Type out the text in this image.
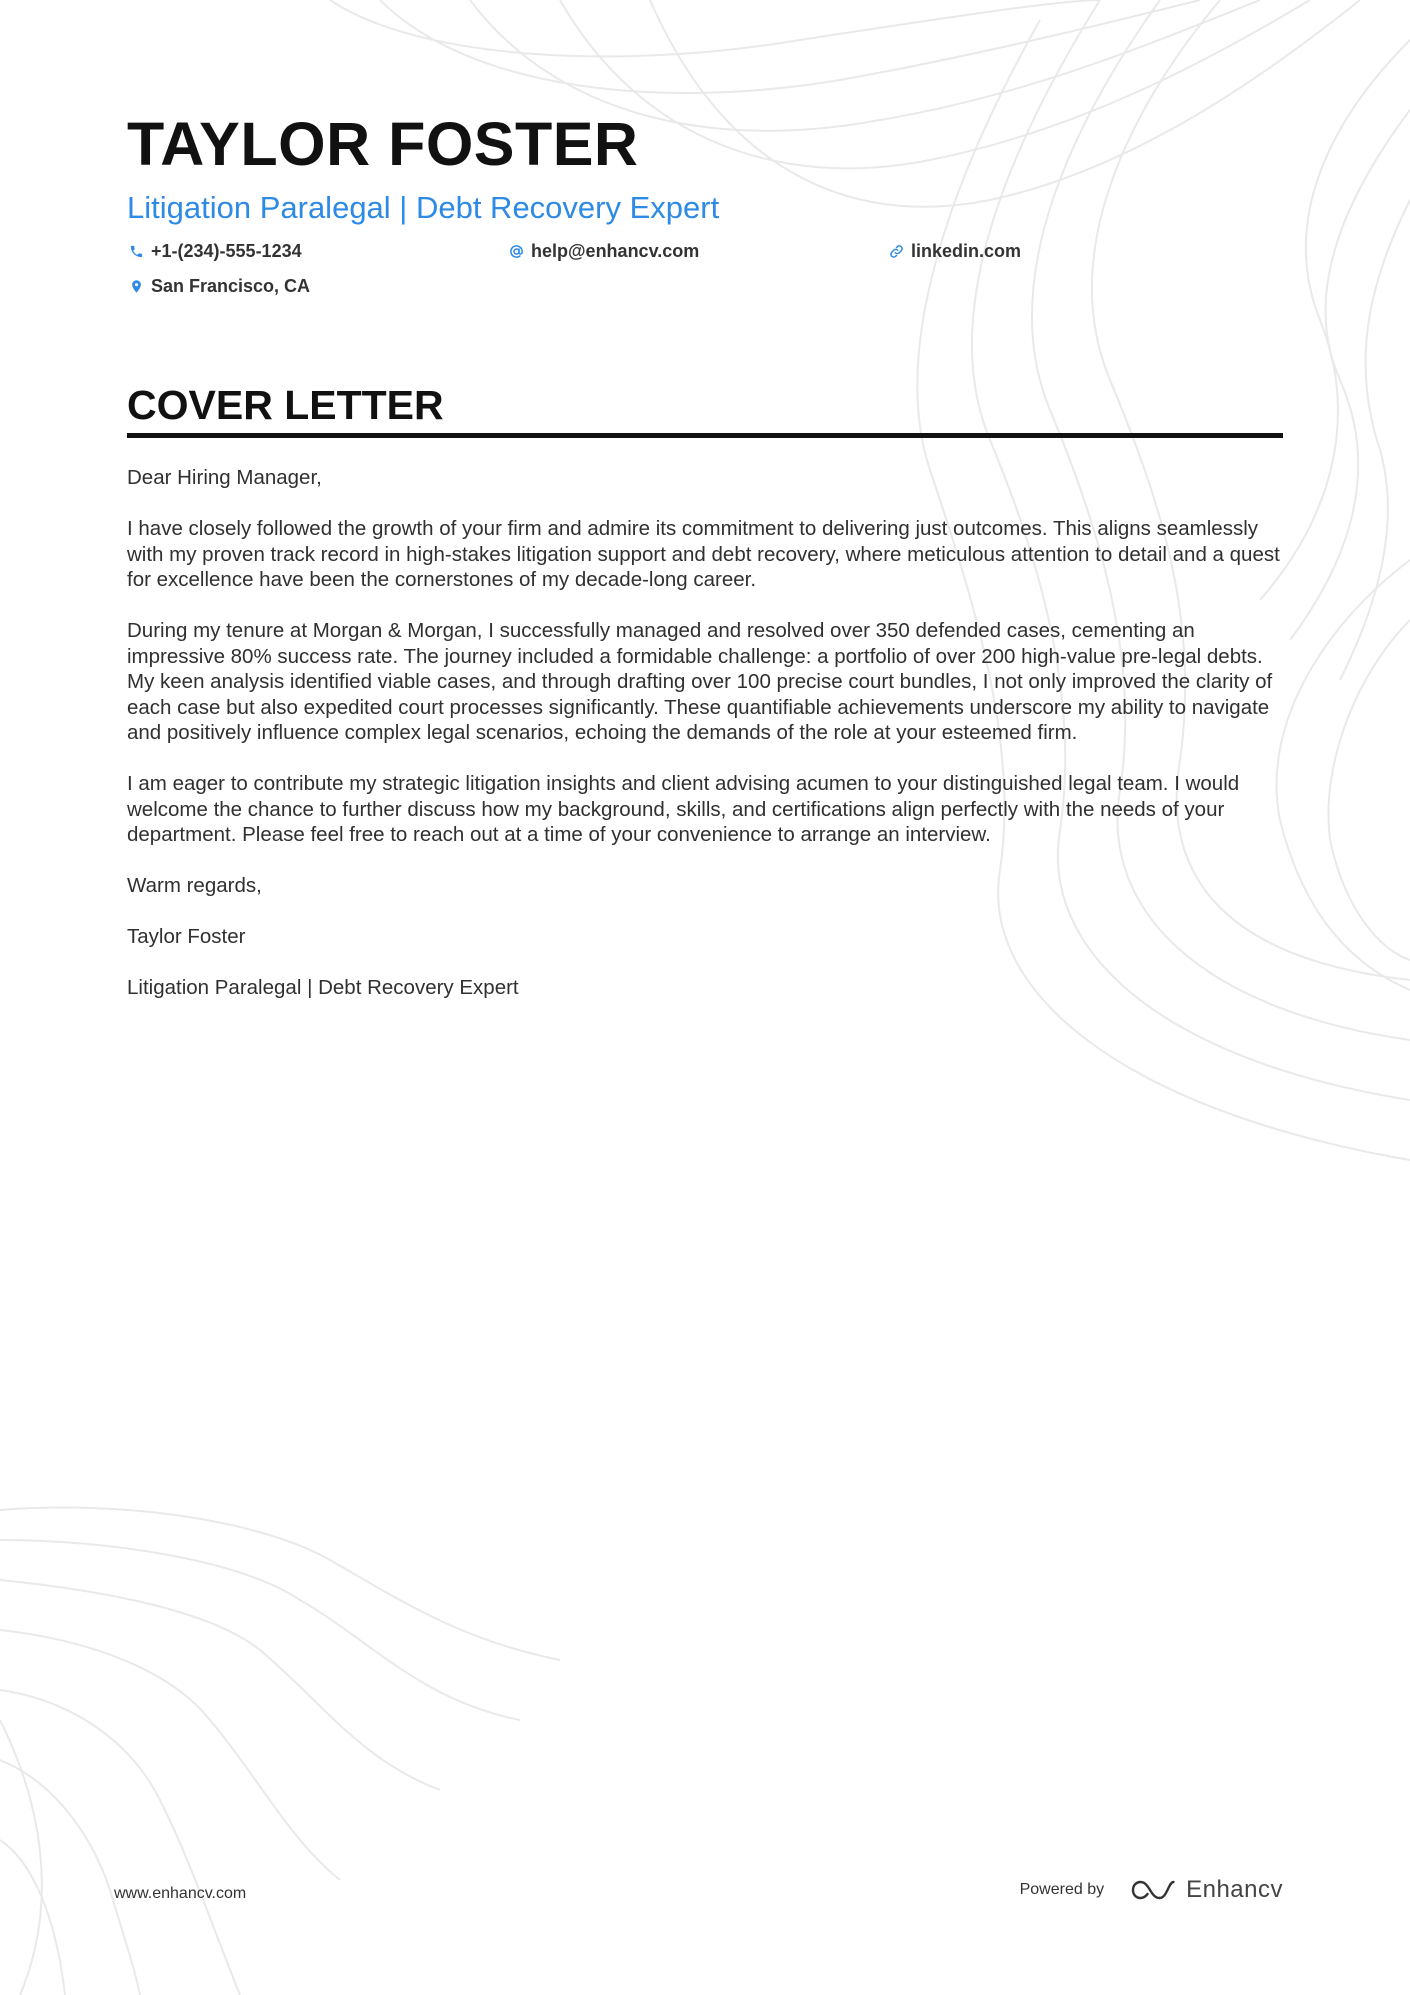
TAYLOR FOSTER
Litigation Paralegal | Debt Recovery Expert
+1-(234)-555-1234	help@enhancv.com	linkedin.com
San Francisco, CA
COVER LETTER

Dear Hiring Manager,

I have closely followed the growth of your firm and admire its commitment to delivering just outcomes. This aligns seamlessly with my proven track record in high-stakes litigation support and debt recovery, where meticulous attention to detail and a quest for excellence have been the cornerstones of my decade-long career.

During my tenure at Morgan & Morgan, I successfully managed and resolved over 350 defended cases, cementing an impressive 80% success rate. The journey included a formidable challenge: a portfolio of over 200 high-value pre-legal debts. My keen analysis identified viable cases, and through drafting over 100 precise court bundles, I not only improved the clarity of each case but also expedited court processes significantly. These quantifiable achievements underscore my ability to navigate and positively influence complex legal scenarios, echoing the demands of the role at your esteemed firm.

I am eager to contribute my strategic litigation insights and client advising acumen to your distinguished legal team. I would welcome the chance to further discuss how my background, skills, and certifications align perfectly with the needs of your department. Please feel free to reach out at a time of your convenience to arrange an interview.

Warm regards,

Taylor Foster

Litigation Paralegal | Debt Recovery Expert

www.enhancv.com	Powered by	Enhancv
